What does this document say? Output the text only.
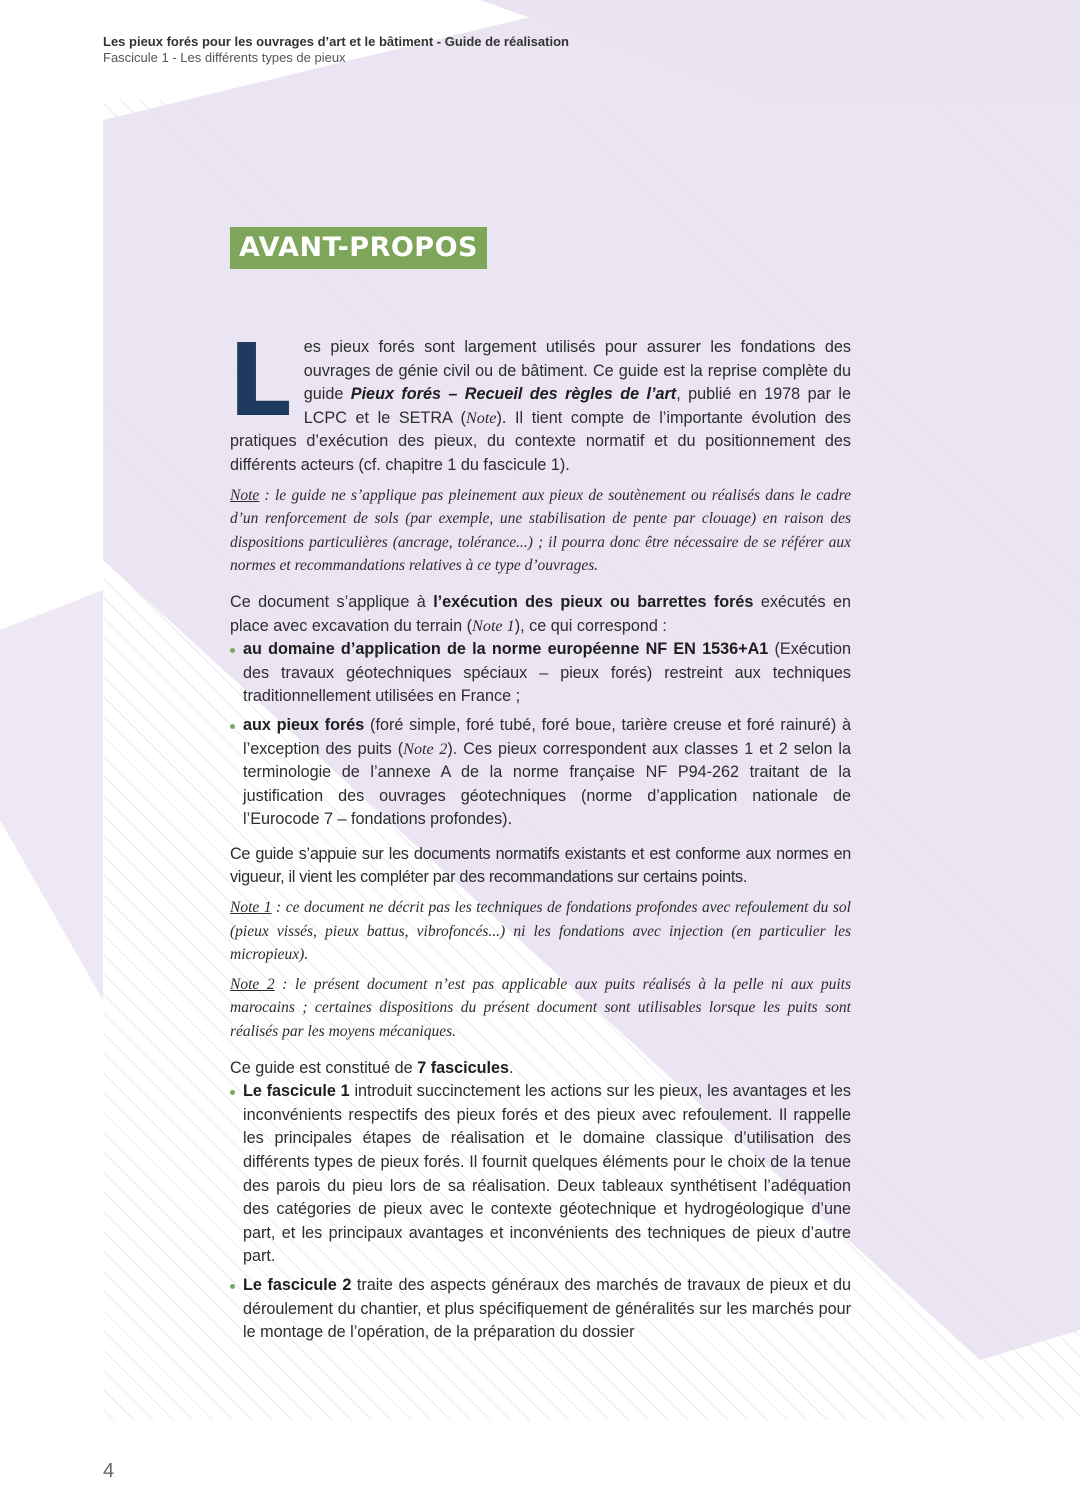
Les pieux forés pour les ouvrages d’art et le bâtiment - Guide de réalisation
Fascicule 1 - Les différents types de pieux
AVANT-PROPOS

Les pieux forés sont largement utilisés pour assurer les fondations des ouvrages de génie civil ou de bâtiment. Ce guide est la reprise complète du guide Pieux forés – Recueil des règles de l’art, publié en 1978 par le LCPC et le SETRA (Note). Il tient compte de l’importante évolution des pratiques d’exécution des pieux, du contexte normatif et du positionnement des différents acteurs (cf. chapitre 1 du fascicule 1).

Note : le guide ne s’applique pas pleinement aux pieux de soutènement ou réalisés dans le cadre d’un renforcement de sols (par exemple, une stabilisation de pente par clouage) en raison des dispositions particulières (ancrage, tolérance...) ; il pourra donc être nécessaire de se référer aux normes et recommandations relatives à ce type d’ouvrages.

Ce document s’applique à l’exécution des pieux ou barrettes forés exécutés en place avec excavation du terrain (Note 1), ce qui correspond :

au domaine d’application de la norme européenne NF EN 1536+A1 (Exécution des travaux géotechniques spéciaux – pieux forés) restreint aux techniques traditionnellement utilisées en France ;
aux pieux forés (foré simple, foré tubé, foré boue, tarière creuse et foré rainuré) à l’exception des puits (Note 2). Ces pieux correspondent aux classes 1 et 2 selon la terminologie de l’annexe A de la norme française NF P94-262 traitant de la justification des ouvrages géotechniques (norme d’application nationale de l’Eurocode 7 – fondations profondes).

Ce guide s’appuie sur les documents normatifs existants et est conforme aux normes en vigueur, il vient les compléter par des recommandations sur certains points.

Note 1 : ce document ne décrit pas les techniques de fondations profondes avec refoulement du sol (pieux vissés, pieux battus, vibrofoncés...) ni les fondations avec injection (en particulier les micropieux).

Note 2 : le présent document n’est pas applicable aux puits réalisés à la pelle ni aux puits marocains ; certaines dispositions du présent document sont utilisables lorsque les puits sont réalisés par les moyens mécaniques.

Ce guide est constitué de 7 fascicules.

Le fascicule 1 introduit succinctement les actions sur les pieux, les avantages et les inconvénients respectifs des pieux forés et des pieux avec refoulement. Il rappelle les principales étapes de réalisation et le domaine classique d’utilisation des différents types de pieux forés. Il fournit quelques éléments pour le choix de la tenue des parois du pieu lors de sa réalisation. Deux tableaux synthétisent l’adéquation des catégories de pieux avec le contexte géotechnique et hydrogéologique d’une part, et les principaux avantages et inconvénients des techniques de pieux d’autre part.
Le fascicule 2 traite des aspects généraux des marchés de travaux de pieux et du déroulement du chantier, et plus spécifiquement de généralités sur les marchés pour le montage de l’opération, de la préparation du dossier
4
